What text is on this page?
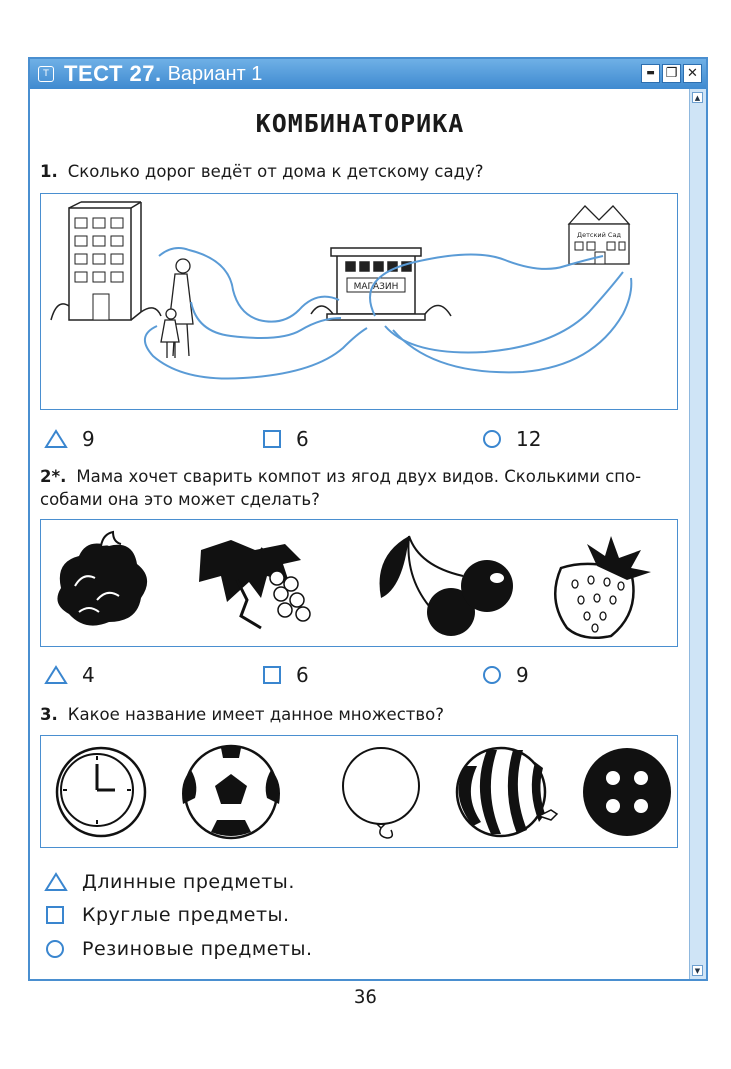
T ТЕСТ 27. Вариант 1	▬ ❐ ✕
▲
▼
КОМБИНАТОРИКА
1. Сколько дорог ведёт от дома к детскому саду?
МАГАЗИН
Детский Сад
9	6	12
2*. Мама хочет сварить компот из ягод двух видов. Сколькими спо-
собами она это может сделать?
4	6	9
3. Какое название имеет данное множество?
Длинные предметы.
Круглые предметы.
Резиновые предметы.
36
